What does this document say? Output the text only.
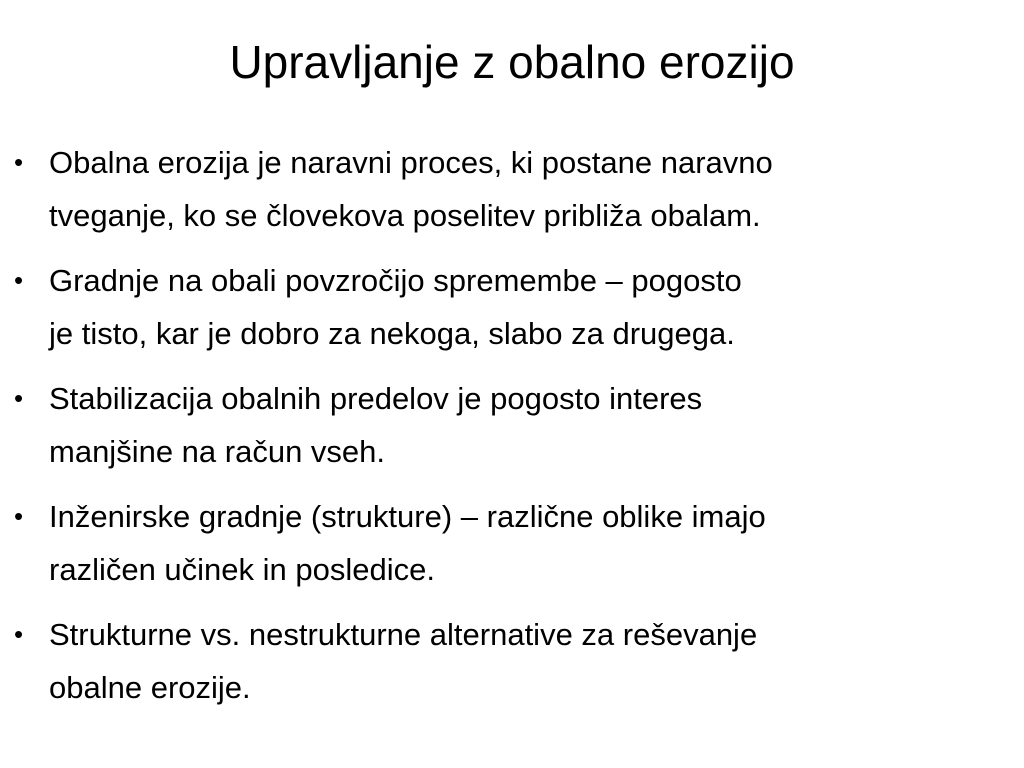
Upravljanje z obalno erozijo
• Obalna erozija je naravni proces, ki postane naravno
tveganje, ko se človekova poselitev približa obalam.
• Gradnje na obali povzročijo spremembe – pogosto
je tisto, kar je dobro za nekoga, slabo za drugega.
• Stabilizacija obalnih predelov je pogosto interes
manjšine na račun vseh.
• Inženirske gradnje (strukture) – različne oblike imajo
različen učinek in posledice.
• Strukturne vs. nestrukturne alternative za reševanje
obalne erozije.
